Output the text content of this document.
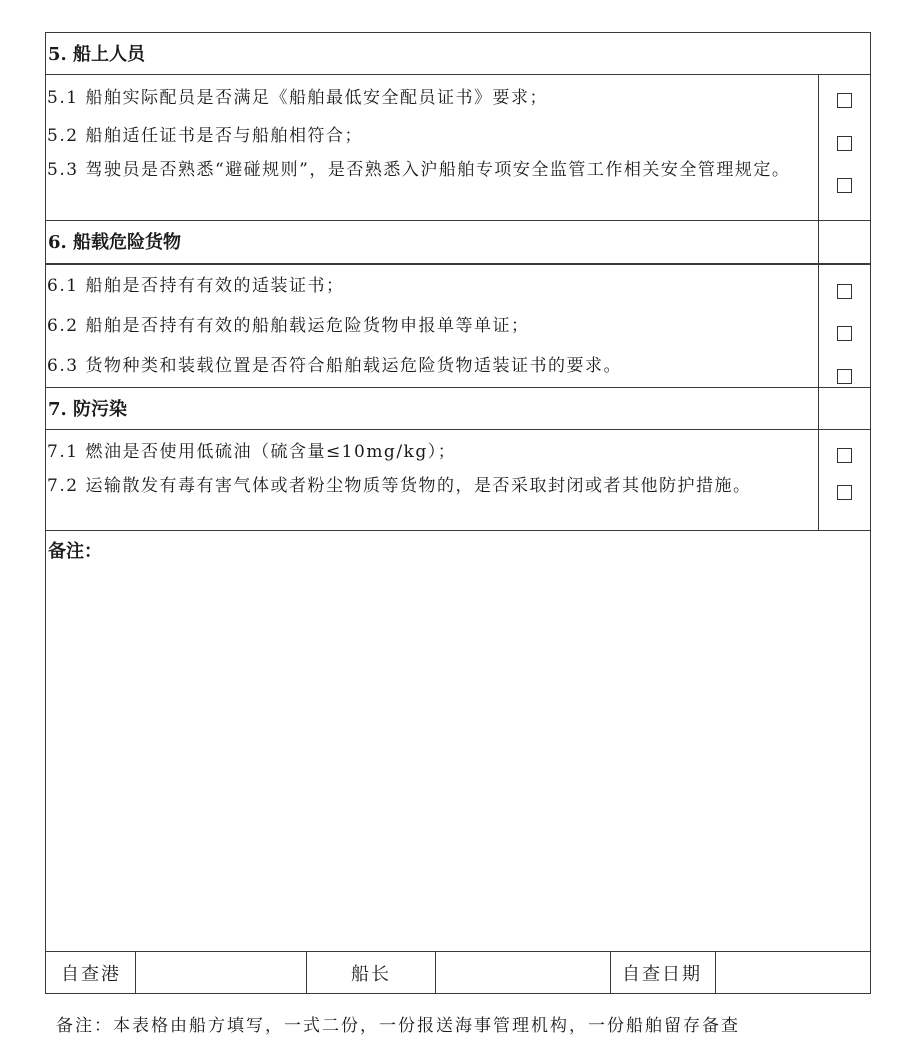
5. 船上人员
5.1 船舶实际配员是否满足《船舶最低安全配员证书》要求；
5.2 船舶适任证书是否与船舶相符合；
5.3 驾驶员是否熟悉“避碰规则”，是否熟悉入沪船舶专项安全监管工作相关安全管理规定。
6. 船载危险货物
6.1 船舶是否持有有效的适装证书；
6.2 船舶是否持有有效的船舶载运危险货物申报单等单证；
6.3 货物种类和装载位置是否符合船舶载运危险货物适装证书的要求。
7. 防污染
7.1 燃油是否使用低硫油（硫含量≤10mg/kg）；
7.2 运输散发有毒有害气体或者粉尘物质等货物的，是否采取封闭或者其他防护措施。
备注：
自查港	船长	自查日期
备注：本表格由船方填写，一式二份，一份报送海事管理机构，一份船舶留存备查
